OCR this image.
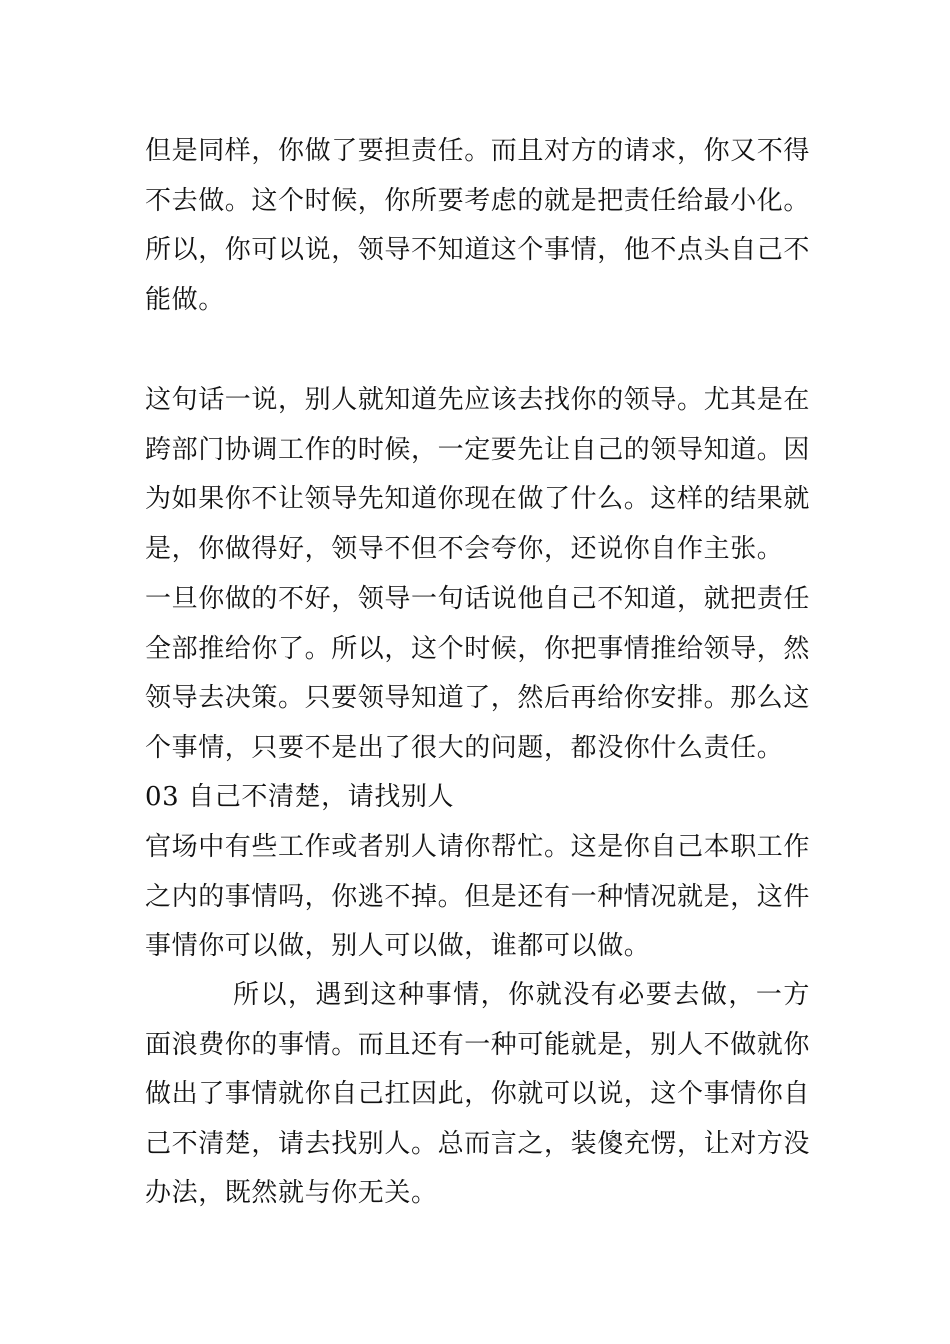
但是同样，你做了要担责任。而且对方的请求，你又不得不去做。这个时候，你所要考虑的就是把责任给最小化。所以，你可以说，领导不知道这个事情，他不点头自己不能做。

这句话一说，别人就知道先应该去找你的领导。尤其是在跨部门协调工作的时候，一定要先让自己的领导知道。因为如果你不让领导先知道你现在做了什么。这样的结果就是，你做得好，领导不但不会夸你，还说你自作主张。

一旦你做的不好，领导一句话说他自己不知道，就把责任全部推给你了。所以，这个时候，你把事情推给领导，然领导去决策。只要领导知道了，然后再给你安排。那么这个事情，只要不是出了很大的问题，都没你什么责任。

03 自己不清楚，请找别人

官场中有些工作或者别人请你帮忙。这是你自己本职工作之内的事情吗，你逃不掉。但是还有一种情况就是，这件事情你可以做，别人可以做，谁都可以做。

所以，遇到这种事情，你就没有必要去做，一方面浪费你的事情。而且还有一种可能就是，别人不做就你做出了事情就你自己扛因此，你就可以说，这个事情你自己不清楚，请去找别人。总而言之，装傻充愣，让对方没办法，既然就与你无关。
